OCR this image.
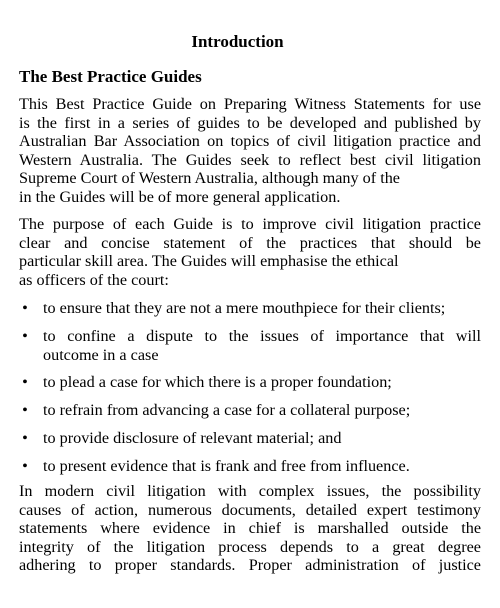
Introduction
The Best Practice Guides
This Best Practice Guide on Preparing Witness Statements for use
is the first in a series of guides to be developed and published by
Australian Bar Association on topics of civil litigation practice and
Western Australia. The Guides seek to reflect best civil litigation
Supreme Court of Western Australia, although many of the
in the Guides will be of more general application.
The purpose of each Guide is to improve civil litigation practice
clear and concise statement of the practices that should be
particular skill area. The Guides will emphasise the ethical
as officers of the court:
• to ensure that they are not a mere mouthpiece for their clients;
• to confine a dispute to the issues of importance that will
outcome in a case
• to plead a case for which there is a proper foundation;
• to refrain from advancing a case for a collateral purpose;
• to provide disclosure of relevant material; and
• to present evidence that is frank and free from influence.
In modern civil litigation with complex issues, the possibility
causes of action, numerous documents, detailed expert testimony
statements where evidence in chief is marshalled outside the
integrity of the litigation process depends to a great degree
adhering to proper standards. Proper administration of justice
